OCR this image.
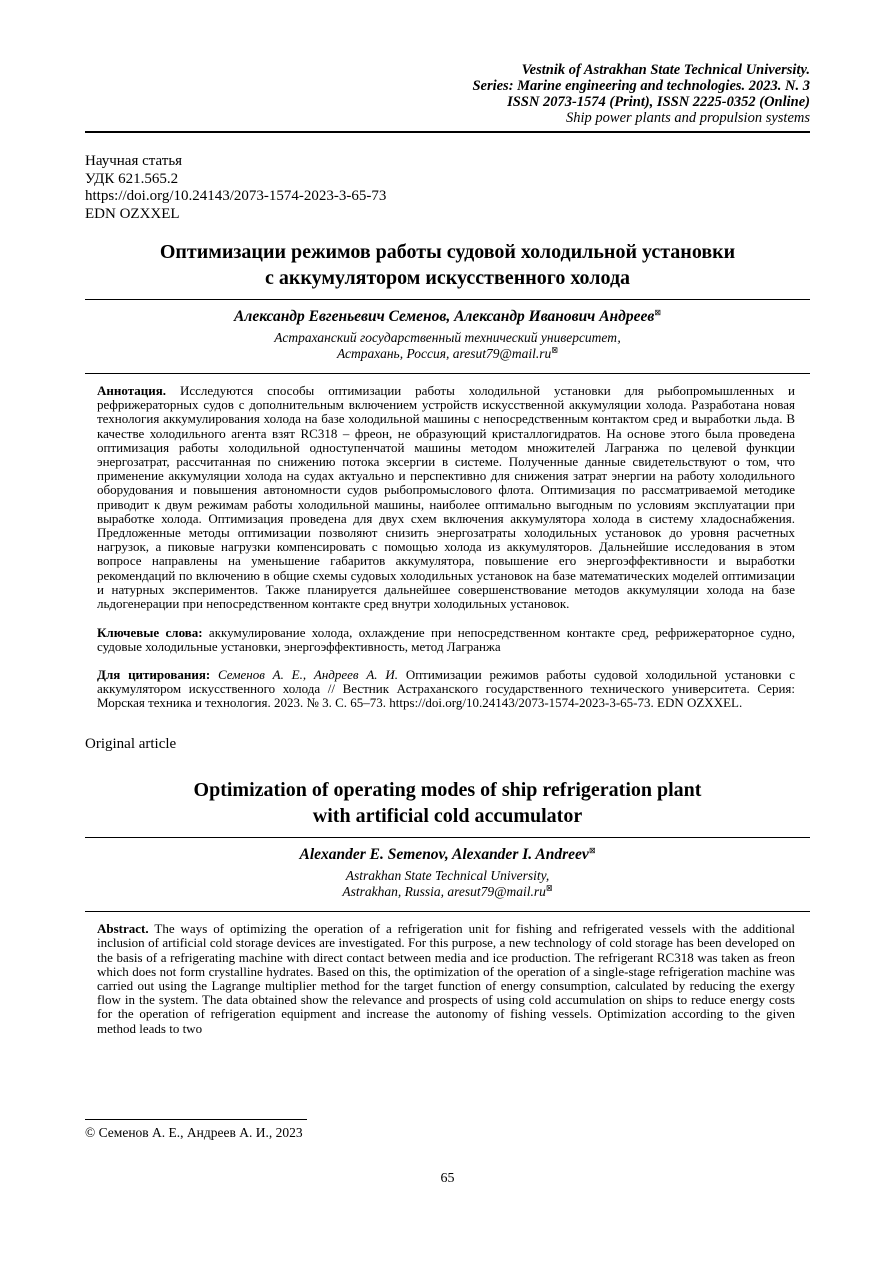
Vestnik of Astrakhan State Technical University.
Series: Marine engineering and technologies. 2023. N. 3
ISSN 2073-1574 (Print), ISSN 2225-0352 (Online)
Ship power plants and propulsion systems
Научная статья
УДК 621.565.2
https://doi.org/10.24143/2073-1574-2023-3-65-73
EDN OZXXEL
Оптимизации режимов работы судовой холодильной установки
с аккумулятором искусственного холода
Александр Евгеньевич Семенов, Александр Иванович Андреев⊠
Астраханский государственный технический университет,
Астрахань, Россия, aresut79@mail.ru⊠

Аннотация. Исследуются способы оптимизации работы холодильной установки для рыбопромышленных и рефрижераторных судов с дополнительным включением устройств искусственной аккумуляции холода. Разработана новая технология аккумулирования холода на базе холодильной машины с непосредственным контактом сред и выработки льда. В качестве холодильного агента взят RC318 – фреон, не образующий кристаллогидратов. На основе этого была проведена оптимизация работы холодильной одноступенчатой машины методом множителей Лагранжа по целевой функции энергозатрат, рассчитанная по снижению потока эксергии в системе. Полученные данные свидетельствуют о том, что применение аккумуляции холода на судах актуально и перспективно для снижения затрат энергии на работу холодильного оборудования и повышения автономности судов рыбопромыслового флота. Оптимизация по рассматриваемой методике приводит к двум режимам работы холодильной машины, наиболее оптимально выгодным по условиям эксплуатации при выработке холода. Оптимизация проведена для двух схем включения аккумулятора холода в систему хладоснабжения. Предложенные методы оптимизации позволяют снизить энергозатраты холодильных установок до уровня расчетных нагрузок, а пиковые нагрузки компенсировать с помощью холода из аккумуляторов. Дальнейшие исследования в этом вопросе направлены на уменьшение габаритов аккумулятора, повышение его энергоэффективности и выработки рекомендаций по включению в общие схемы судовых холодильных установок на базе математических моделей оптимизации и натурных экспериментов. Также планируется дальнейшее совершенствование методов аккумуляции холода на базе льдогенерации при непосредственном контакте сред внутри холодильных установок.

Ключевые слова: аккумулирование холода, охлаждение при непосредственном контакте сред, рефрижераторное судно, судовые холодильные установки, энергоэффективность, метод Лагранжа

Для цитирования: Семенов А. Е., Андреев А. И. Оптимизации режимов работы судовой холодильной установки с аккумулятором искусственного холода // Вестник Астраханского государственного технического университета. Серия: Морская техника и технология. 2023. № 3. С. 65–73. https://doi.org/10.24143/2073-1574-2023-3-65-73. EDN OZXXEL.

Original article
Optimization of operating modes of ship refrigeration plant
with artificial cold accumulator
Alexander E. Semenov, Alexander I. Andreev⊠
Astrakhan State Technical University,
Astrakhan, Russia, aresut79@mail.ru⊠

Abstract. The ways of optimizing the operation of a refrigeration unit for fishing and refrigerated vessels with the additional inclusion of artificial cold storage devices are investigated. For this purpose, a new technology of cold storage has been developed on the basis of a refrigerating machine with direct contact between media and ice production. The refrigerant RC318 was taken as freon which does not form crystalline hydrates. Based on this, the optimization of the operation of a single-stage refrigeration machine was carried out using the Lagrange multiplier method for the target function of energy consumption, calculated by reducing the exergy flow in the system. The data obtained show the relevance and prospects of using cold accumulation on ships to reduce energy costs for the operation of refrigeration equipment and increase the autonomy of fishing vessels. Optimization according to the given method leads to two

© Семенов А. Е., Андреев А. И., 2023
65
